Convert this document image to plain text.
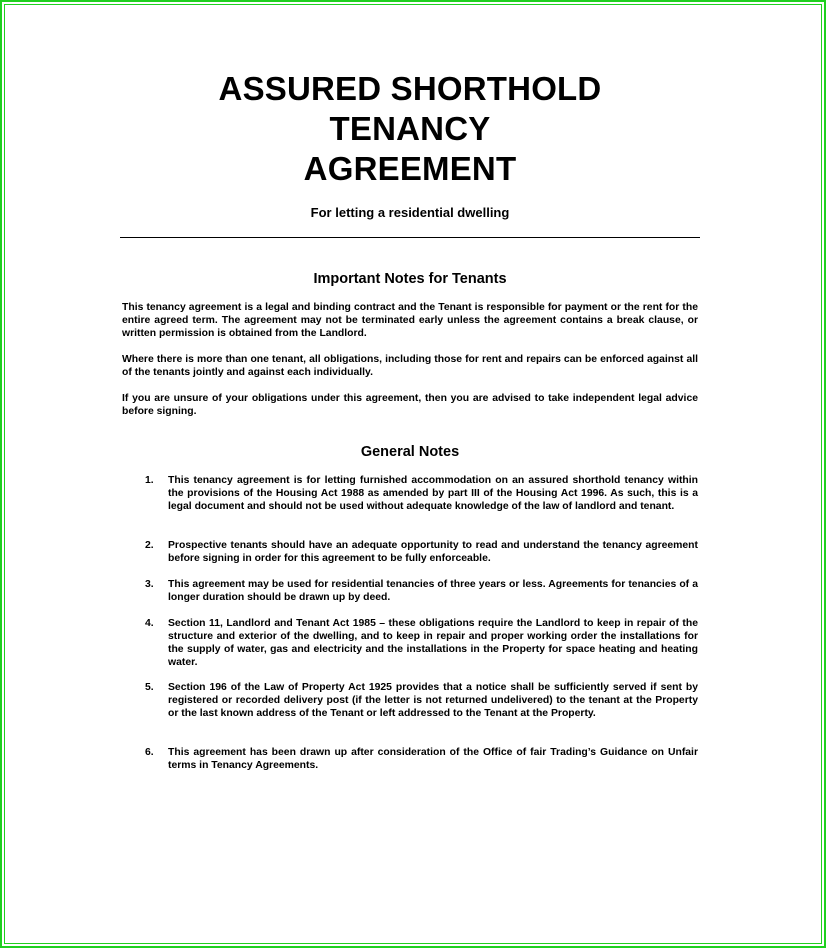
ASSURED SHORTHOLD
TENANCY
AGREEMENT
For letting a residential dwelling
Important Notes for Tenants

This tenancy agreement is a legal and binding contract and the Tenant is responsible for payment or the rent for the entire agreed term. The agreement may not be terminated early unless the agreement contains a break clause, or written permission is obtained from the Landlord.

Where there is more than one tenant, all obligations, including those for rent and repairs can be enforced against all of the tenants jointly and against each individually.

If you are unsure of your obligations under this agreement, then you are advised to take independent legal advice before signing.

General Notes
1. This tenancy agreement is for letting furnished accommodation on an assured shorthold tenancy within the provisions of the Housing Act 1988 as amended by part III of the Housing Act 1996. As such, this is a legal document and should not be used without adequate knowledge of the law of landlord and tenant.

2. Prospective tenants should have an adequate opportunity to read and understand the tenancy agreement before signing in order for this agreement to be fully enforceable.

3. This agreement may be used for residential tenancies of three years or less. Agreements for tenancies of a longer duration should be drawn up by deed.

4. Section 11, Landlord and Tenant Act 1985 – these obligations require the Landlord to keep in repair of the structure and exterior of the dwelling, and to keep in repair and proper working order the installations for the supply of water, gas and electricity and the installations in the Property for space heating and heating water.

5. Section 196 of the Law of Property Act 1925 provides that a notice shall be sufficiently served if sent by registered or recorded delivery post (if the letter is not returned undelivered) to the tenant at the Property or the last known address of the Tenant or left addressed to the Tenant at the Property.

6. This agreement has been drawn up after consideration of the Office of fair Trading’s Guidance on Unfair terms in Tenancy Agreements.
